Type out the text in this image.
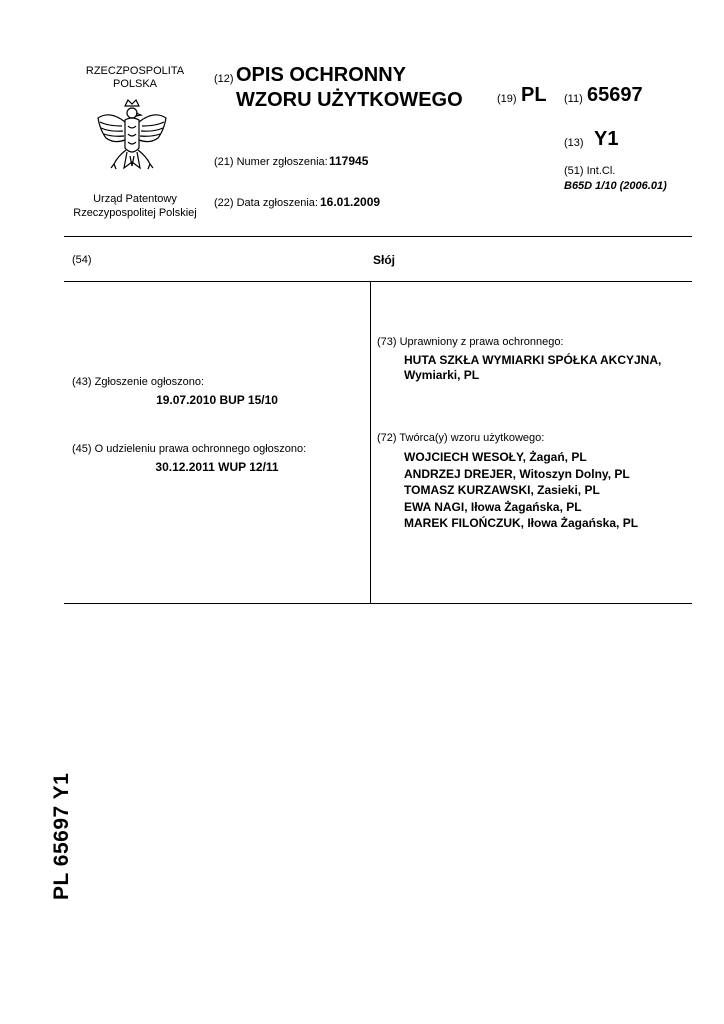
RZECZPOSPOLITA
POLSKA
Urząd Patentowy
Rzeczypospolitej Polskiej
(12) OPIS OCHRONNY
WZORU UŻYTKOWEGO	(19) PL (11) 65697
(13) Y1
(21) Numer zgłoszenia: 117945
(22) Data zgłoszenia: 16.01.2009
(51) Int.Cl.
B65D 1/10 (2006.01)
(54)	Słój
(43) Zgłoszenie ogłoszono:
19.07.2010 BUP 15/10
(45) O udzieleniu prawa ochronnego ogłoszono:
30.12.2011 WUP 12/11
(73) Uprawniony z prawa ochronnego:
HUTA SZKŁA WYMIARKI SPÓŁKA AKCYJNA,
Wymiarki, PL
(72) Twórca(y) wzoru użytkowego:
WOJCIECH WESOŁY, Żagań, PL
ANDRZEJ DREJER, Witoszyn Dolny, PL
TOMASZ KURZAWSKI, Zasieki, PL
EWA NAGI, Iłowa Żagańska, PL
MAREK FILOŃCZUK, Iłowa Żagańska, PL
PL 65697 Y1
